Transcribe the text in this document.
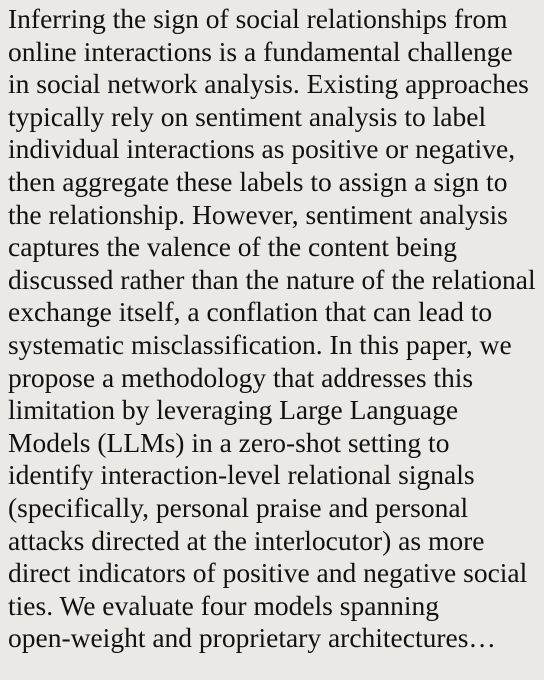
Inferring the sign of social relationships from
online interactions is a fundamental challenge
in social network analysis. Existing approaches
typically rely on sentiment analysis to label
individual interactions as positive or negative,
then aggregate these labels to assign a sign to
the relationship. However, sentiment analysis
captures the valence of the content being
discussed rather than the nature of the relational
exchange itself, a conflation that can lead to
systematic misclassification. In this paper, we
propose a methodology that addresses this
limitation by leveraging Large Language
Models (LLMs) in a zero-shot setting to
identify interaction-level relational signals
(specifically, personal praise and personal
attacks directed at the interlocutor) as more
direct indicators of positive and negative social
ties. We evaluate four models spanning
open-weight and proprietary architectures…
